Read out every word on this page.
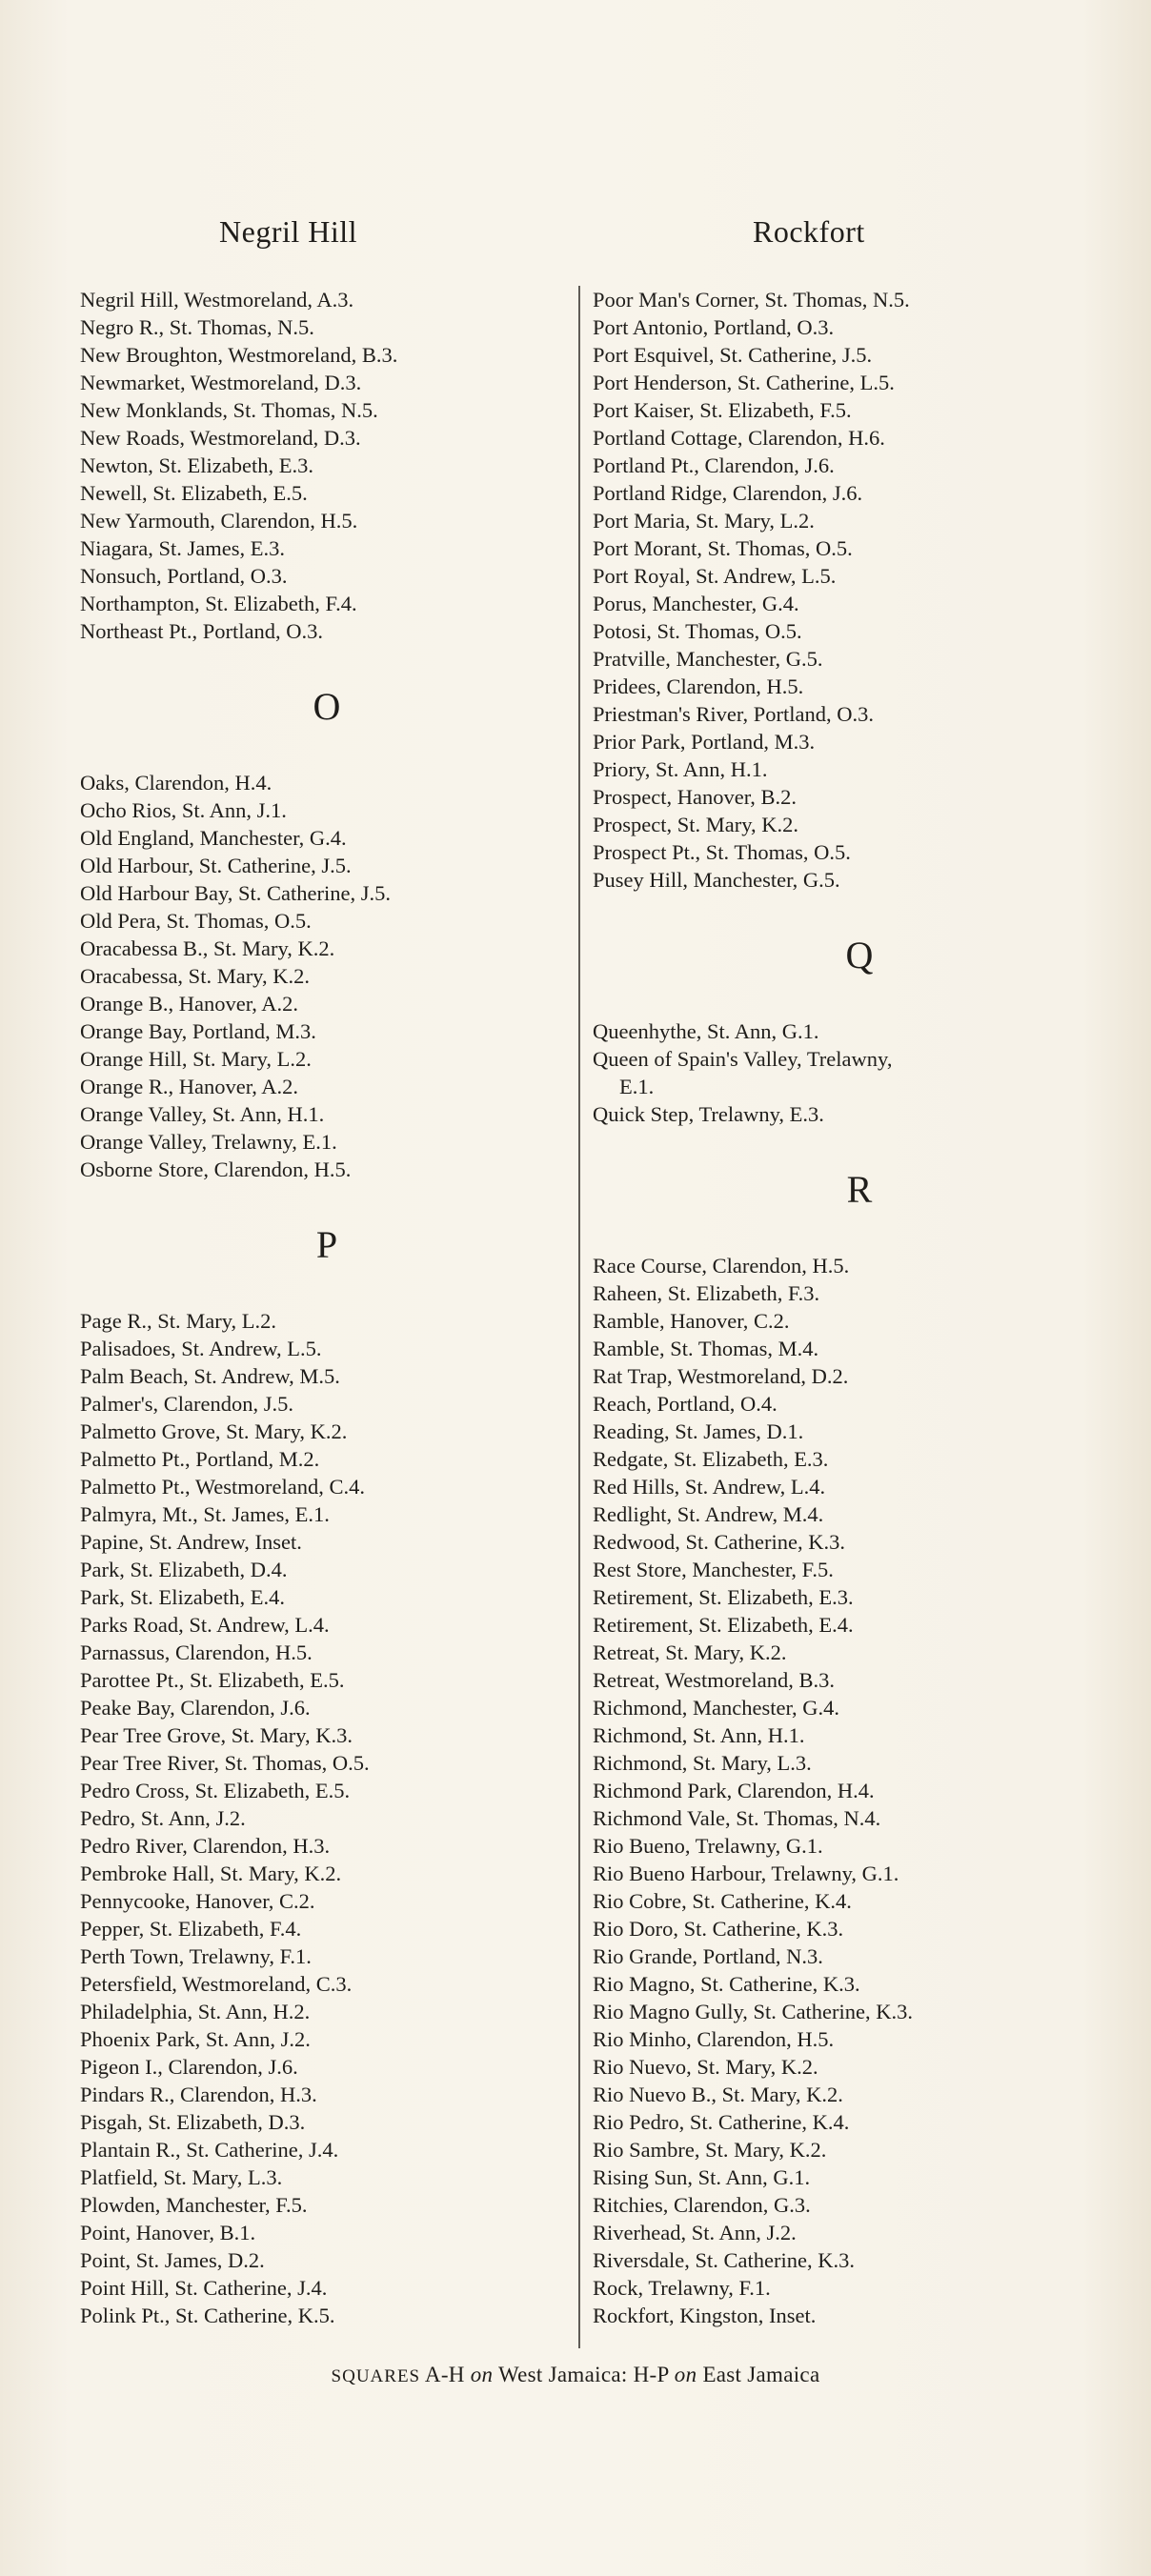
Negril Hill	Rockfort
Negril Hill, Westmoreland, A.3.
Negro R., St. Thomas, N.5.
New Broughton, Westmoreland, B.3.
Newmarket, Westmoreland, D.3.
New Monklands, St. Thomas, N.5.
New Roads, Westmoreland, D.3.
Newton, St. Elizabeth, E.3.
Newell, St. Elizabeth, E.5.
New Yarmouth, Clarendon, H.5.
Niagara, St. James, E.3.
Nonsuch, Portland, O.3.
Northampton, St. Elizabeth, F.4.
Northeast Pt., Portland, O.3.
O
Oaks, Clarendon, H.4.
Ocho Rios, St. Ann, J.1.
Old England, Manchester, G.4.
Old Harbour, St. Catherine, J.5.
Old Harbour Bay, St. Catherine, J.5.
Old Pera, St. Thomas, O.5.
Oracabessa B., St. Mary, K.2.
Oracabessa, St. Mary, K.2.
Orange B., Hanover, A.2.
Orange Bay, Portland, M.3.
Orange Hill, St. Mary, L.2.
Orange R., Hanover, A.2.
Orange Valley, St. Ann, H.1.
Orange Valley, Trelawny, E.1.
Osborne Store, Clarendon, H.5.
P
Page R., St. Mary, L.2.
Palisadoes, St. Andrew, L.5.
Palm Beach, St. Andrew, M.5.
Palmer's, Clarendon, J.5.
Palmetto Grove, St. Mary, K.2.
Palmetto Pt., Portland, M.2.
Palmetto Pt., Westmoreland, C.4.
Palmyra, Mt., St. James, E.1.
Papine, St. Andrew, Inset.
Park, St. Elizabeth, D.4.
Park, St. Elizabeth, E.4.
Parks Road, St. Andrew, L.4.
Parnassus, Clarendon, H.5.
Parottee Pt., St. Elizabeth, E.5.
Peake Bay, Clarendon, J.6.
Pear Tree Grove, St. Mary, K.3.
Pear Tree River, St. Thomas, O.5.
Pedro Cross, St. Elizabeth, E.5.
Pedro, St. Ann, J.2.
Pedro River, Clarendon, H.3.
Pembroke Hall, St. Mary, K.2.
Pennycooke, Hanover, C.2.
Pepper, St. Elizabeth, F.4.
Perth Town, Trelawny, F.1.
Petersfield, Westmoreland, C.3.
Philadelphia, St. Ann, H.2.
Phoenix Park, St. Ann, J.2.
Pigeon I., Clarendon, J.6.
Pindars R., Clarendon, H.3.
Pisgah, St. Elizabeth, D.3.
Plantain R., St. Catherine, J.4.
Platfield, St. Mary, L.3.
Plowden, Manchester, F.5.
Point, Hanover, B.1.
Point, St. James, D.2.
Point Hill, St. Catherine, J.4.
Polink Pt., St. Catherine, K.5.
Poor Man's Corner, St. Thomas, N.5.
Port Antonio, Portland, O.3.
Port Esquivel, St. Catherine, J.5.
Port Henderson, St. Catherine, L.5.
Port Kaiser, St. Elizabeth, F.5.
Portland Cottage, Clarendon, H.6.
Portland Pt., Clarendon, J.6.
Portland Ridge, Clarendon, J.6.
Port Maria, St. Mary, L.2.
Port Morant, St. Thomas, O.5.
Port Royal, St. Andrew, L.5.
Porus, Manchester, G.4.
Potosi, St. Thomas, O.5.
Pratville, Manchester, G.5.
Pridees, Clarendon, H.5.
Priestman's River, Portland, O.3.
Prior Park, Portland, M.3.
Priory, St. Ann, H.1.
Prospect, Hanover, B.2.
Prospect, St. Mary, K.2.
Prospect Pt., St. Thomas, O.5.
Pusey Hill, Manchester, G.5.
Q
Queenhythe, St. Ann, G.1.
Queen of Spain's Valley, Trelawny,
E.1.
Quick Step, Trelawny, E.3.
R
Race Course, Clarendon, H.5.
Raheen, St. Elizabeth, F.3.
Ramble, Hanover, C.2.
Ramble, St. Thomas, M.4.
Rat Trap, Westmoreland, D.2.
Reach, Portland, O.4.
Reading, St. James, D.1.
Redgate, St. Elizabeth, E.3.
Red Hills, St. Andrew, L.4.
Redlight, St. Andrew, M.4.
Redwood, St. Catherine, K.3.
Rest Store, Manchester, F.5.
Retirement, St. Elizabeth, E.3.
Retirement, St. Elizabeth, E.4.
Retreat, St. Mary, K.2.
Retreat, Westmoreland, B.3.
Richmond, Manchester, G.4.
Richmond, St. Ann, H.1.
Richmond, St. Mary, L.3.
Richmond Park, Clarendon, H.4.
Richmond Vale, St. Thomas, N.4.
Rio Bueno, Trelawny, G.1.
Rio Bueno Harbour, Trelawny, G.1.
Rio Cobre, St. Catherine, K.4.
Rio Doro, St. Catherine, K.3.
Rio Grande, Portland, N.3.
Rio Magno, St. Catherine, K.3.
Rio Magno Gully, St. Catherine, K.3.
Rio Minho, Clarendon, H.5.
Rio Nuevo, St. Mary, K.2.
Rio Nuevo B., St. Mary, K.2.
Rio Pedro, St. Catherine, K.4.
Rio Sambre, St. Mary, K.2.
Rising Sun, St. Ann, G.1.
Ritchies, Clarendon, G.3.
Riverhead, St. Ann, J.2.
Riversdale, St. Catherine, K.3.
Rock, Trelawny, F.1.
Rockfort, Kingston, Inset.
SQUARES A-H on West Jamaica: H-P on East Jamaica
